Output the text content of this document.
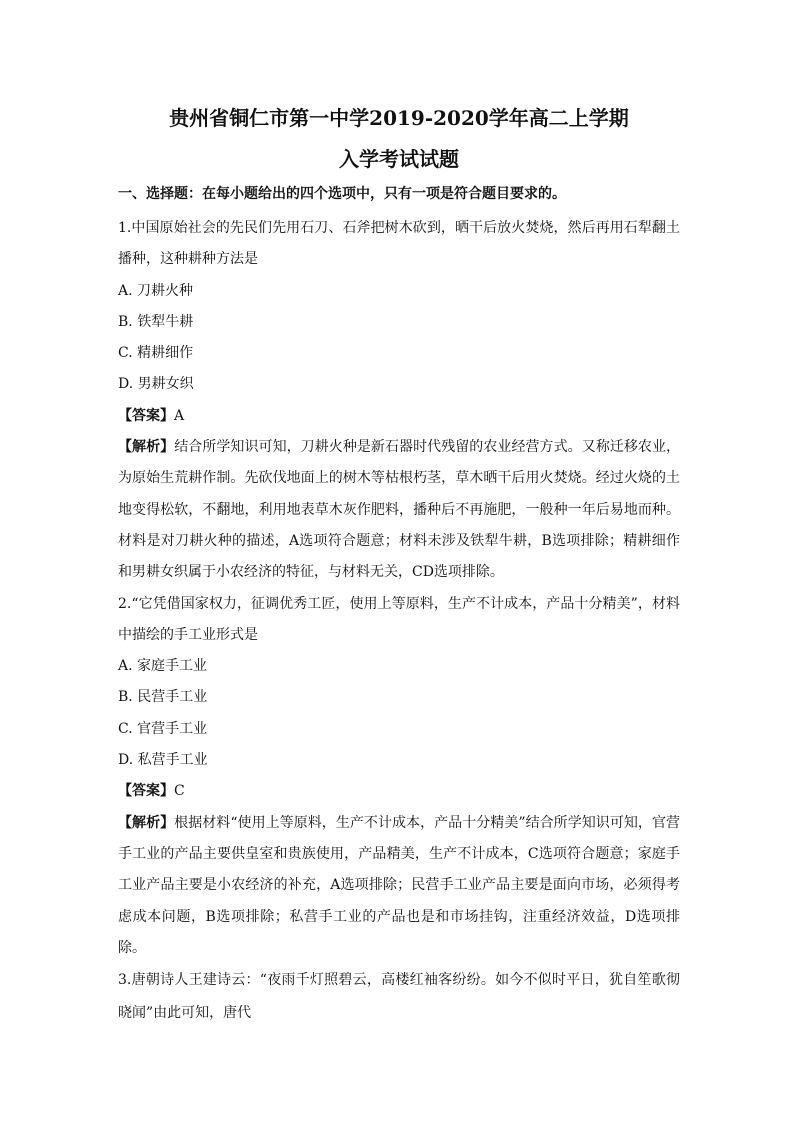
贵州省铜仁市第一中学2019-2020学年高二上学期
入学考试试题
一、选择题：在每小题给出的四个选项中，只有一项是符合题目要求的。

1.中国原始社会的先民们先用石刀、石斧把树木砍到，晒干后放火焚烧，然后再用石犁翻土播种，这种耕种方法是

A. 刀耕火种

B. 铁犁牛耕

C. 精耕细作

D. 男耕女织

【答案】A

【解析】结合所学知识可知，刀耕火种是新石器时代残留的农业经营方式。又称迁移农业，为原始生荒耕作制。先砍伐地面上的树木等枯根朽茎，草木晒干后用火焚烧。经过火烧的土地变得松软，不翻地，利用地表草木灰作肥料，播种后不再施肥，一般种一年后易地而种。材料是对刀耕火种的描述，A选项符合题意；材料未涉及铁犁牛耕，B选项排除；精耕细作和男耕女织属于小农经济的特征，与材料无关，CD选项排除。

2.“它凭借国家权力，征调优秀工匠，使用上等原料，生产不计成本，产品十分精美”，材料中描绘的手工业形式是

A. 家庭手工业

B. 民营手工业

C. 官营手工业

D. 私营手工业

【答案】C

【解析】根据材料“使用上等原料，生产不计成本，产品十分精美”结合所学知识可知，官营手工业的产品主要供皇室和贵族使用，产品精美，生产不计成本，C选项符合题意；家庭手工业产品主要是小农经济的补充，A选项排除；民营手工业产品主要是面向市场，必须得考虑成本问题，B选项排除；私营手工业的产品也是和市场挂钩，注重经济效益，D选项排除。

3.唐朝诗人王建诗云：“夜雨千灯照碧云，高楼红袖客纷纷。如今不似时平日，犹自笙歌彻晓闻”由此可知，唐代
